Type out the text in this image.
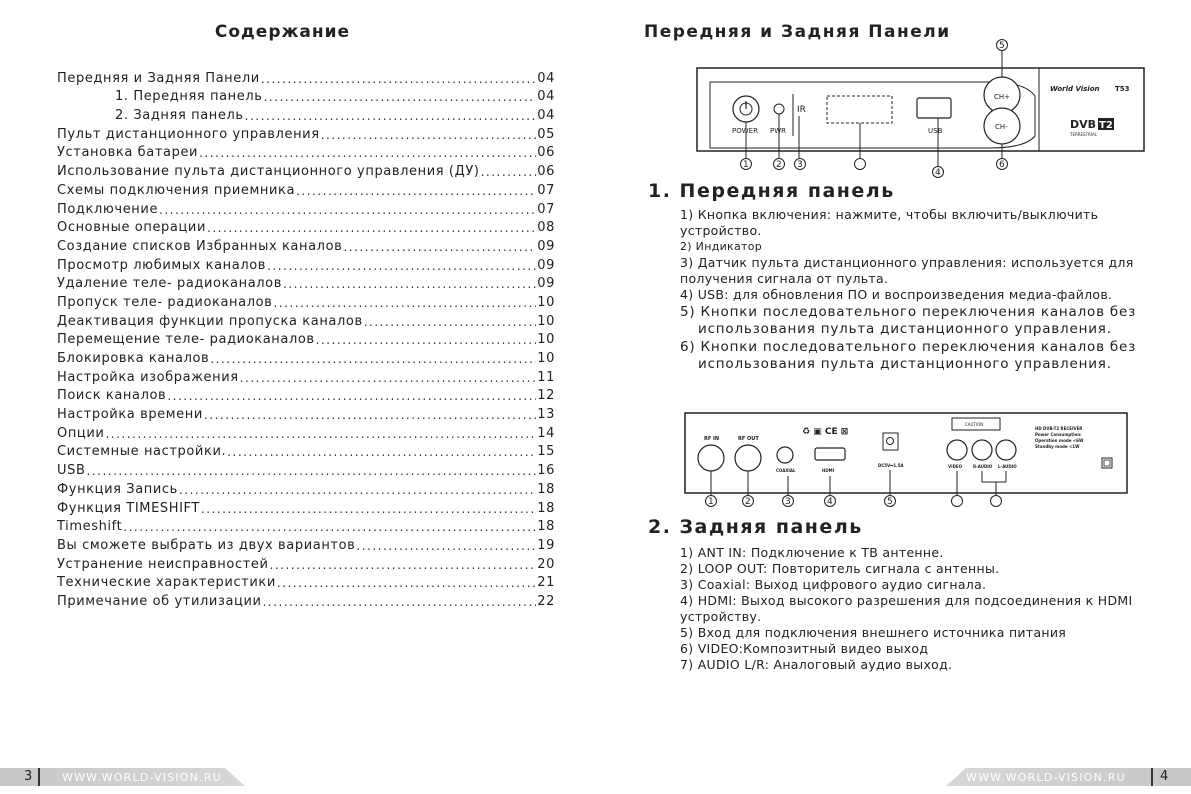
Содержание
Передняя и Задняя Панели .....	04
1. Передняя панель .....	04
2. Задняя панель .....	04
Пульт дистанционного управления .....	05
Установка батареи .....	06
Использование пульта дистанционного управления (ДУ) .....	06
Схемы подключения приемника .....	07
Подключение .....	07
Основные операции .....	08
Создание списков Избранных каналов .....	09
Просмотр любимых каналов .....	09
Удаление теле- радиоканалов .....	09
Пропуск теле- радиоканалов .....	10
Деактивация функции пропуска каналов .....	10
Перемещение теле- радиоканалов .....	10
Блокировка каналов .....	10
Настройка изображения .....	11
Поиск каналов .....	12
Настройка времени .....	13
Опции .....	14
Системные настройки. .....	15
USB .....	16
Функция Запись .....	18
Функция TIMESHIFT .....	18
Timeshift .....	18
Вы сможете выбрать из двух вариантов .....	19
Устранение неисправностей .....	20
Технические характеристики .....	21
Примечание об утилизации .....	22
3	WWW.WORLD-VISION.RU
Передняя и Задняя Панели
POWER PWR
IR
USB
CH+
CH-
World Vision T53
DVB T2
TERRESTRIAL
5
1	2 3
4
6
1. Передняя панель
1) Кнопка включения: нажмите, чтобы включить/выключить устройство.
2) Индикатор
3) Датчик пульта дистанционного управления: используется для получения сигнала от пульта.
4) USB: для обновления ПО и воспроизведения медиа-файлов.
5) Кнопки последовательного переключения каналов без использования пульта дистанционного управления.
6) Кнопки последовательного переключения каналов без использования пульта дистанционного управления.
RF IN	RF OUT
COAXIAL	HDMI
♻ ▣ CE ⊠
DC5V⎓1.5A
CAUTION
VIDEO	R-AUDIO L-AUDIO
HD DVB-T2 RECEIVER
Power Consumption:
Operation mode <6W
Standby mode <1W
1	2	3	4	5
2. Задняя панель
1) ANT IN: Подключение к ТВ антенне.
2) LOOP OUT: Повторитель сигнала с антенны.
3) Coaxial: Выход цифрового аудио сигнала.
4) HDMI: Выход высокого разрешения для подсоединения к HDMI устройству.
5) Вход для подключения внешнего источника питания
6) VIDEO:Композитный видео выход
7) AUDIO L/R: Аналоговый аудио выход.
WWW.WORLD-VISION.RU	4
